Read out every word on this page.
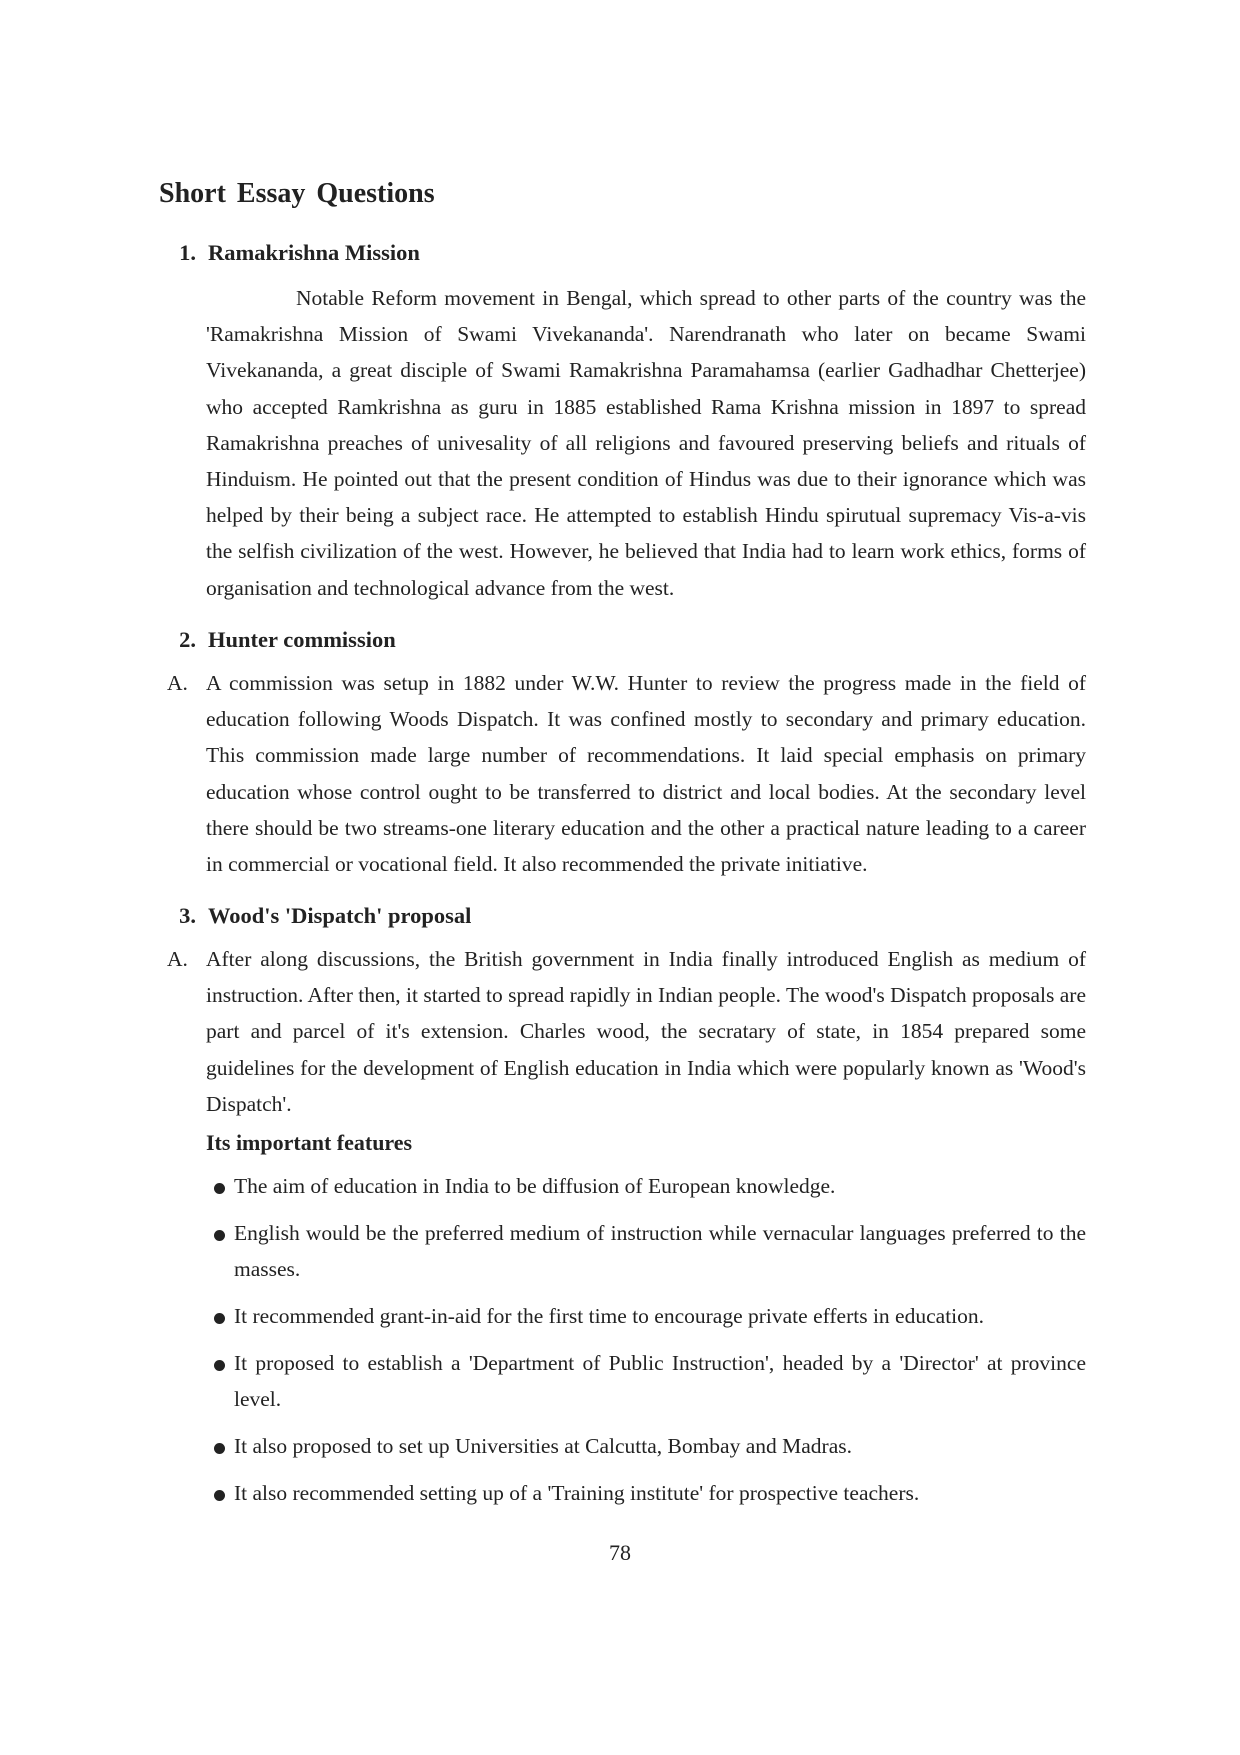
Short Essay Questions
1. Ramakrishna Mission

Notable Reform movement in Bengal, which spread to other parts of the country was the 'Ramakrishna Mission of Swami Vivekananda'. Narendranath who later on became Swami Vivekananda, a great disciple of Swami Ramakrishna Paramahamsa (earlier Gadhadhar Chetterjee) who accepted Ramkrishna as guru in 1885 established Rama Krishna mission in 1897 to spread Ramakrishna preaches of univesality of all religions and favoured preserving beliefs and rituals of Hinduism. He pointed out that the present condition of Hindus was due to their ignorance which was helped by their being a subject race. He attempted to establish Hindu spirutual supremacy Vis-a-vis the selfish civilization of the west. However, he believed that India had to learn work ethics, forms of organisation and technological advance from the west.

2. Hunter commission
A. A commission was setup in 1882 under W.W. Hunter to review the progress made in the field of education following Woods Dispatch. It was confined mostly to secondary and primary education. This commission made large number of recommendations. It laid special emphasis on primary education whose control ought to be transferred to district and local bodies. At the secondary level there should be two streams-one literary education and the other a practical nature leading to a career in commercial or vocational field. It also recommended the private initiative.

3. Wood's 'Dispatch' proposal
A. After along discussions, the British government in India finally introduced English as medium of instruction. After then, it started to spread rapidly in Indian people. The wood's Dispatch proposals are part and parcel of it's extension. Charles wood, the secratary of state, in 1854 prepared some guidelines for the development of English education in India which were popularly known as 'Wood's Dispatch'.

Its important features
The aim of education in India to be diffusion of European knowledge.
English would be the preferred medium of instruction while vernacular languages preferred to the masses.
It recommended grant-in-aid for the first time to encourage private efferts in education.
It proposed to establish a 'Department of Public Instruction', headed by a 'Director' at province level.
It also proposed to set up Universities at Calcutta, Bombay and Madras.
It also recommended setting up of a 'Training institute' for prospective teachers.
78
